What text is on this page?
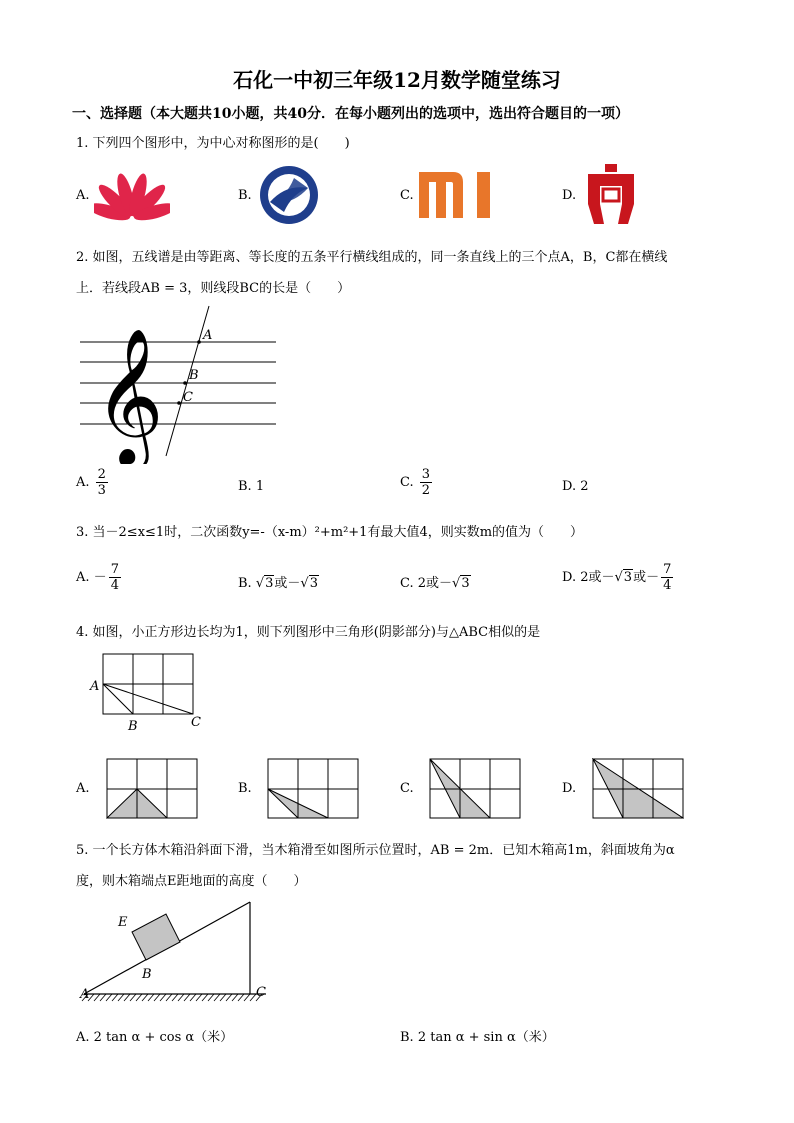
石化一中初三年级12月数学随堂练习
一、选择题（本大题共10小题，共40分．在每小题列出的选项中，选出符合题目的一项）
1. 下列四个图形中，为中心对称图形的是(　　)
A.	B.	C.	D.
2. 如图，五线谱是由等距离、等长度的五条平行横线组成的，同一条直线上的三个点A，B，C都在横线
上．若线段AB = 3，则线段BC的长是（　　）
𝄞	A
B
C
A. $\frac{2}{3}$	B. 1	C. $\frac{3}{2}$	D. 2
3. 当－2≤x≤1时，二次函数y=-（x-m）²+m²+1有最大值4，则实数m的值为（　　）
A. － $\frac{7}{4}$	B. √3或－√3	C. 2或－√3	D. 2或－√3或－ $\frac{7}{4}$
4. 如图，小正方形边长均为1，则下列图形中三角形(阴影部分)与△ABC相似的是
A
B	C
A.	B.	C.	D.
5. 一个长方体木箱沿斜面下滑，当木箱滑至如图所示位置时，AB = 2m．已知木箱高1m，斜面坡角为α
度，则木箱端点E距地面的高度（　　）
E
B
A	C
A. 2 tan α + cos α（米）	B. 2 tan α + sin α（米）
